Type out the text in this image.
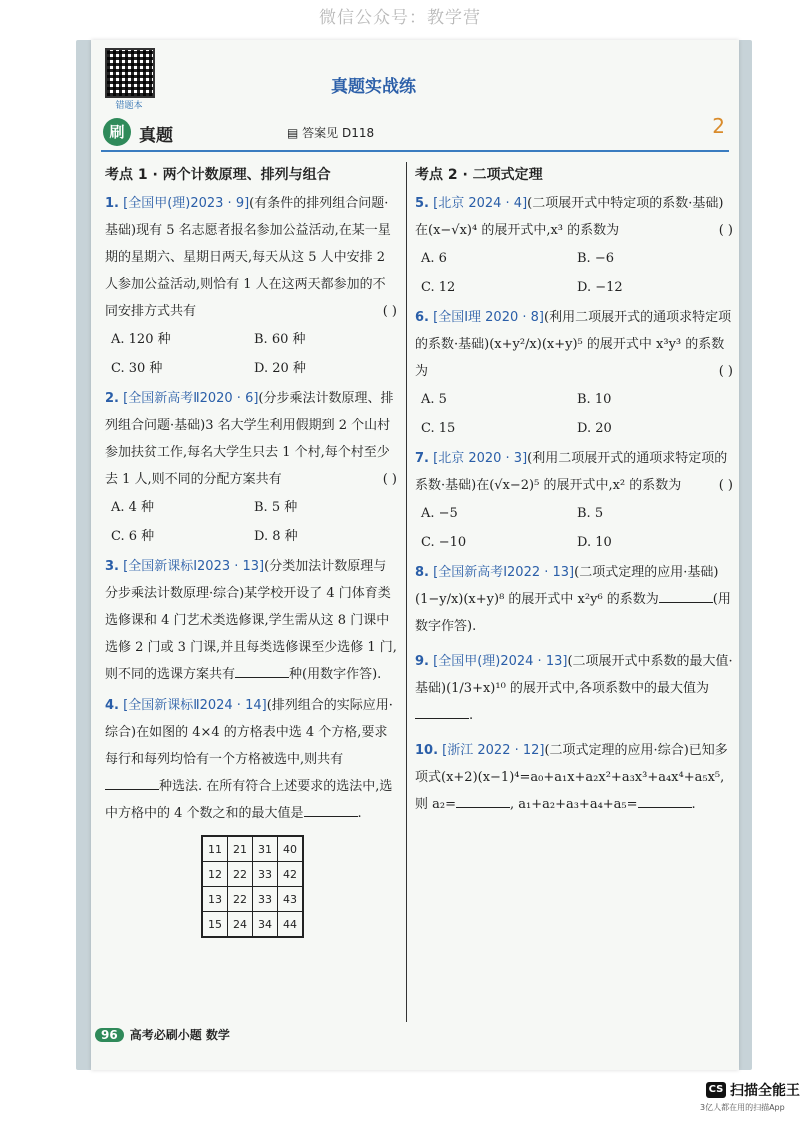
微信公众号：教学营
错题本
真题实战练
刷 真题	▤ 答案见 D118	2
考点 1 · 两个计数原理、排列与组合

1. [全国甲(理)2023 · 9](有条件的排列组合问题·基础)现有 5 名志愿者报名参加公益活动,在某一星期的星期六、星期日两天,每天从这 5 人中安排 2 人参加公益活动,则恰有 1 人在这两天都参加的不同安排方式共有	( )

A. 120 种	B. 60 种
C. 30 种	D. 20 种

2. [全国新高考Ⅱ2020 · 6](分步乘法计数原理、排列组合问题·基础)3 名大学生利用假期到 2 个山村参加扶贫工作,每名大学生只去 1 个村,每个村至少去 1 人,则不同的分配方案共有	( )

A. 4 种	B. 5 种
C. 6 种	D. 8 种

3. [全国新课标Ⅰ2023 · 13](分类加法计数原理与分步乘法计数原理·综合)某学校开设了 4 门体育类选修课和 4 门艺术类选修课,学生需从这 8 门课中选修 2 门或 3 门课,并且每类选修课至少选修 1 门,则不同的选课方案共有	种(用数字作答).

4. [全国新课标Ⅱ2024 · 14](排列组合的实际应用·综合)在如图的 4×4 的方格表中选 4 个方格,要求每行和每列均恰有一个方格被选中,则共有种选法. 在所有符合上述要求的选法中,选中方格中的 4 个数之和的最大值是	.

11	21	31	40
12	22	33	42
13	22	33	43
15	24	34	44
考点 2 · 二项式定理

5. [北京 2024 · 4](二项展开式中特定项的系数·基础)在(x−√x)⁴ 的展开式中,x³ 的系数为	( )

A. 6	B. −6
C. 12	D. −12

6. [全国Ⅰ理 2020 · 8](利用二项展开式的通项求特定项的系数·基础)(x+y²/x)(x+y)⁵ 的展开式中 x³y³ 的系数为	( )

A. 5	B. 10
C. 15	D. 20

7. [北京 2020 · 3](利用二项展开式的通项求特定项的系数·基础)在(√x−2)⁵ 的展开式中,x² 的系数为	( )

A. −5	B. 5
C. −10	D. 10

8. [全国新高考Ⅰ2022 · 13](二项式定理的应用·基础)(1−y/x)(x+y)⁸ 的展开式中 x²y⁶ 的系数为	(用数字作答).

9. [全国甲(理)2024 · 13](二项展开式中系数的最大值·基础)(1/3+x)¹⁰ 的展开式中,各项系数中的最大值为.

10. [浙江 2022 · 12](二项式定理的应用·综合)已知多项式(x+2)(x−1)⁴=a₀+a₁x+a₂x²+a₃x³+a₄x⁴+a₅x⁵,则 a₂=	, a₁+a₂+a₃+a₄+a₅=	.

96 高考必刷小题 数学
CS 扫描全能王
3亿人都在用的扫描App
